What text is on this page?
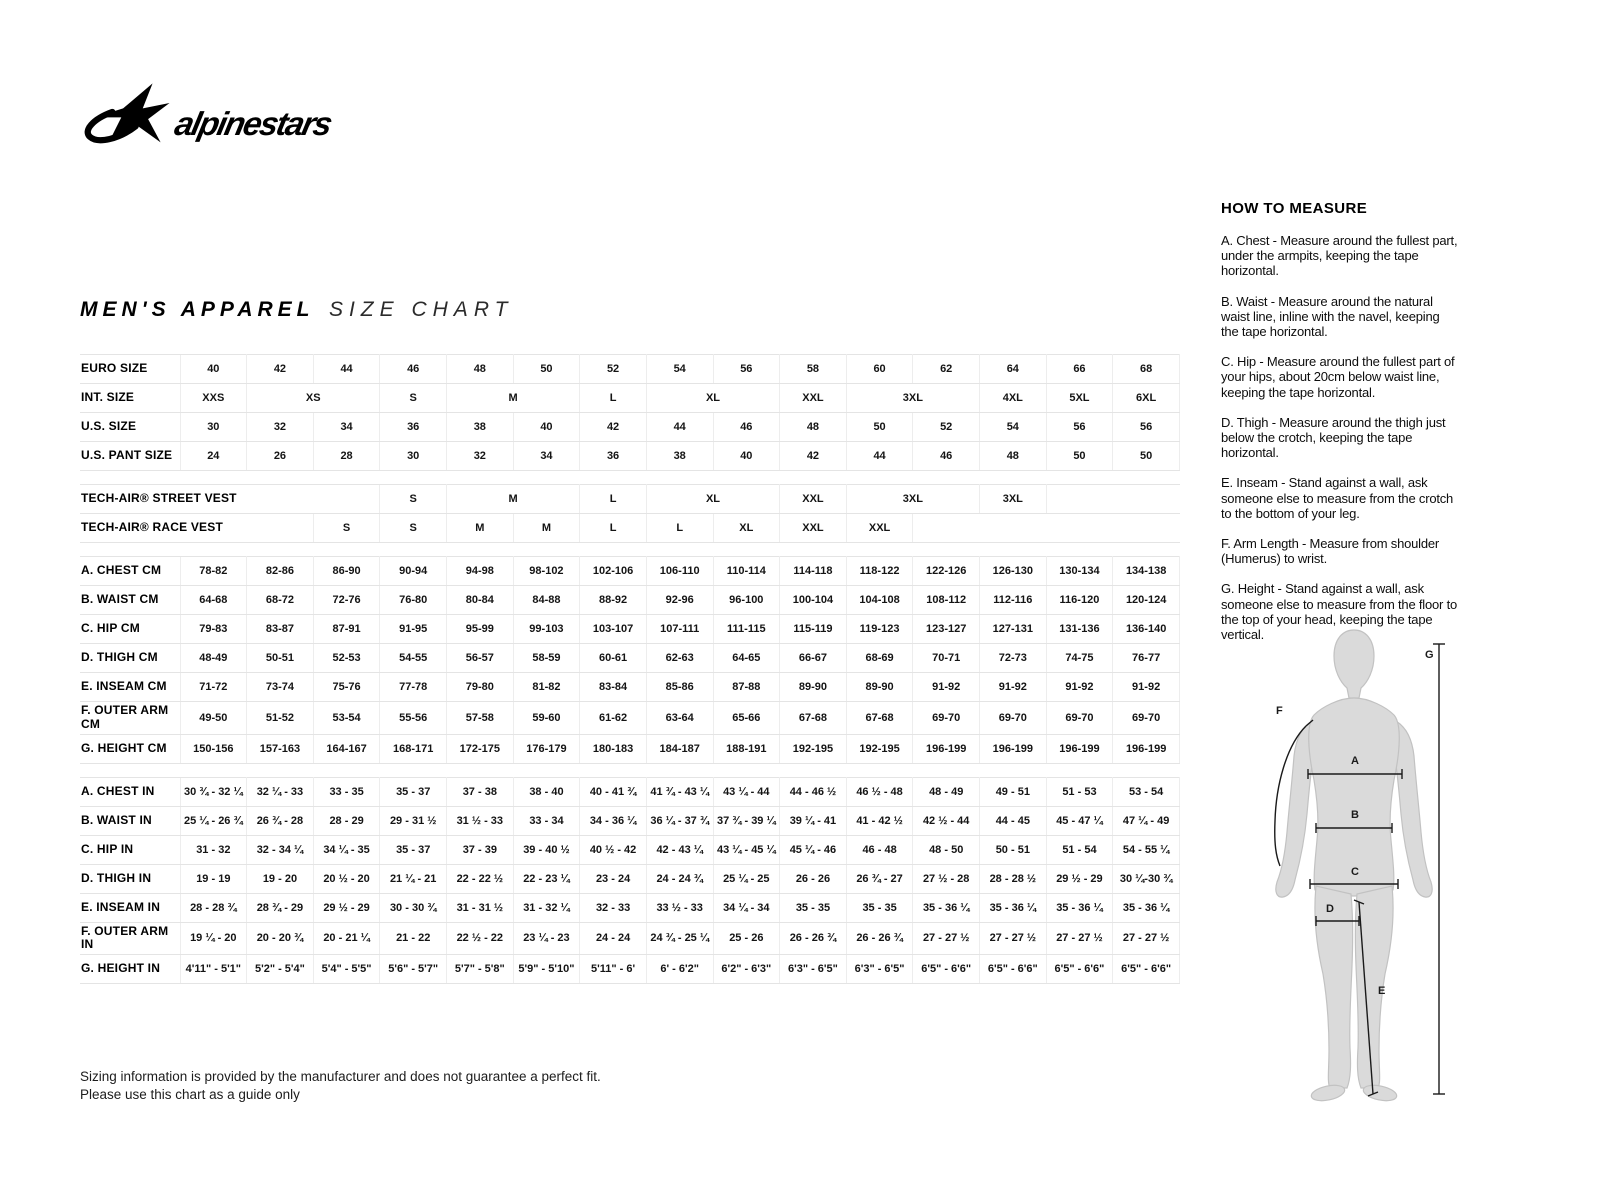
alpinestars
MEN'S APPAREL SIZE CHART
EURO SIZE	40	42	44	46	48	50	52	54	56	58	60	62	64	66	68
INT. SIZE	XXS	XS		S	M		L	XL		XXL	3XL		4XL	5XL	6XL
U.S. SIZE	30	32	34	36	38	40	42	44	46	48	50	52	54	56	56
U.S. PANT SIZE	24	26	28	30	32	34	36	38	40	42	44	46	48	50	50

TECH-AIR® STREET VEST				S	M		L	XL		XXL	3XL		3XL		
TECH-AIR® RACE VEST			S	S	M	M	L	L	XL	XXL	XXL				

A. CHEST CM	78-82	82-86	86-90	90-94	94-98	98-102	102-106	106-110	110-114	114-118	118-122	122-126	126-130	130-134	134-138
B. WAIST CM	64-68	68-72	72-76	76-80	80-84	84-88	88-92	92-96	96-100	100-104	104-108	108-112	112-116	116-120	120-124
C. HIP CM	79-83	83-87	87-91	91-95	95-99	99-103	103-107	107-111	111-115	115-119	119-123	123-127	127-131	131-136	136-140
D. THIGH CM	48-49	50-51	52-53	54-55	56-57	58-59	60-61	62-63	64-65	66-67	68-69	70-71	72-73	74-75	76-77
E. INSEAM CM	71-72	73-74	75-76	77-78	79-80	81-82	83-84	85-86	87-88	89-90	89-90	91-92	91-92	91-92	91-92
F. OUTER ARM CM	49-50	51-52	53-54	55-56	57-58	59-60	61-62	63-64	65-66	67-68	67-68	69-70	69-70	69-70	69-70
G. HEIGHT CM	150-156	157-163	164-167	168-171	172-175	176-179	180-183	184-187	188-191	192-195	192-195	196-199	196-199	196-199	196-199

A. CHEST IN	30 ¾ - 32 ¼	32 ¼ - 33	33 - 35	35 - 37	37 - 38	38 - 40	40 - 41 ¾	41 ¾ - 43 ¼	43 ¼ - 44	44 - 46 ½	46 ½ - 48	48 - 49	49 - 51	51 - 53	53 - 54
B. WAIST IN	25 ¼ - 26 ¾	26 ¾ - 28	28 - 29	29 - 31 ½	31 ½ - 33	33 - 34	34 - 36 ¼	36 ¼ - 37 ¾	37 ¾ - 39 ¼	39 ¼ - 41	41 - 42 ½	42 ½ - 44	44 - 45	45 - 47 ¼	47 ¼ - 49
C. HIP IN	31 - 32	32 - 34 ¼	34 ¼ - 35	35 - 37	37 - 39	39 - 40 ½	40 ½ - 42	42 - 43 ¼	43 ¼ - 45 ¼	45 ¼ - 46	46 - 48	48 - 50	50 - 51	51 - 54	54 - 55 ¼
D. THIGH IN	19 - 19	19 - 20	20 ½ - 20	21 ¼ - 21	22 - 22 ½	22 - 23 ¼	23 - 24	24 - 24 ¾	25 ¼ - 25	26 - 26	26 ¾ - 27	27 ½ - 28	28 - 28 ½	29 ½ - 29	30 ¼-30 ¾
E. INSEAM IN	28 - 28 ¾	28 ¾ - 29	29 ½ - 29	30 - 30 ¾	31 - 31 ½	31 - 32 ¼	32 - 33	33 ½ - 33	34 ¼ - 34	35 - 35	35 - 35	35 - 36 ¼	35 - 36 ¼	35 - 36 ¼	35 - 36 ¼
F. OUTER ARM IN	19 ¼ - 20	20 - 20 ¾	20 - 21 ¼	21 - 22	22 ½ - 22	23 ¼ - 23	24 - 24	24 ¾ - 25 ¼	25 - 26	26 - 26 ¾	26 - 26 ¾	27 - 27 ½	27 - 27 ½	27 - 27 ½	27 - 27 ½
G. HEIGHT IN	4'11" - 5'1"	5'2" - 5'4"	5'4" - 5'5"	5'6" - 5'7"	5'7" - 5'8"	5'9" - 5'10"	5'11" - 6'	6' - 6'2"	6'2" - 6'3"	6'3" - 6'5"	6'3" - 6'5"	6'5" - 6'6"	6'5" - 6'6"	6'5" - 6'6"	6'5" - 6'6"
HOW TO MEASURE

A. Chest - Measure around the fullest part, under the armpits, keeping the tape horizontal.

B. Waist - Measure around the natural waist line, inline with the navel, keeping the tape horizontal.

C. Hip - Measure around the fullest part of your hips, about 20cm below waist line, keeping the tape horizontal.

D. Thigh - Measure around the thigh just below the crotch, keeping the tape horizontal.

E. Inseam - Stand against a wall, ask someone else to measure from the crotch to the bottom of your leg.

F. Arm Length - Measure from shoulder (Humerus) to wrist.

G. Height - Stand against a wall, ask someone else to measure from the floor to the top of your head, keeping the tape vertical.

A
B
C
D
E
F
G
Sizing information is provided by the manufacturer and does not guarantee a perfect fit.
Please use this chart as a guide only
